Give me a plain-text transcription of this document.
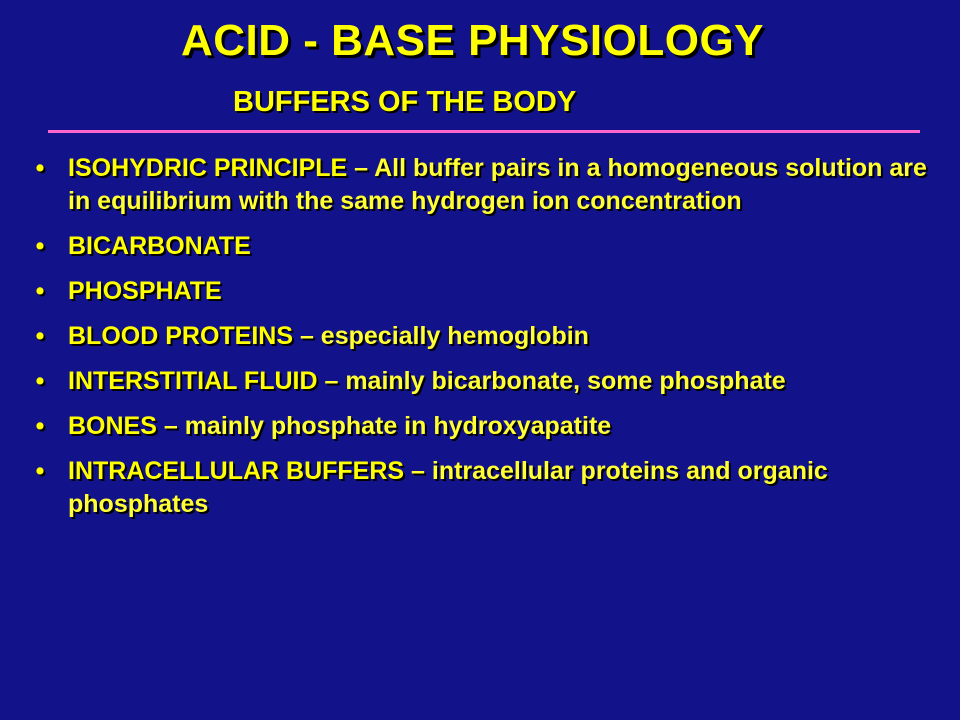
ACID - BASE PHYSIOLOGY
BUFFERS OF THE BODY
• ISOHYDRIC PRINCIPLE – All buffer pairs in a homogeneous solution are in equilibrium with the same hydrogen ion concentration
• BICARBONATE
• PHOSPHATE
• BLOOD PROTEINS – especially hemoglobin
• INTERSTITIAL FLUID – mainly bicarbonate, some phosphate
• BONES – mainly phosphate in hydroxyapatite
• INTRACELLULAR BUFFERS – intracellular proteins and organic phosphates
